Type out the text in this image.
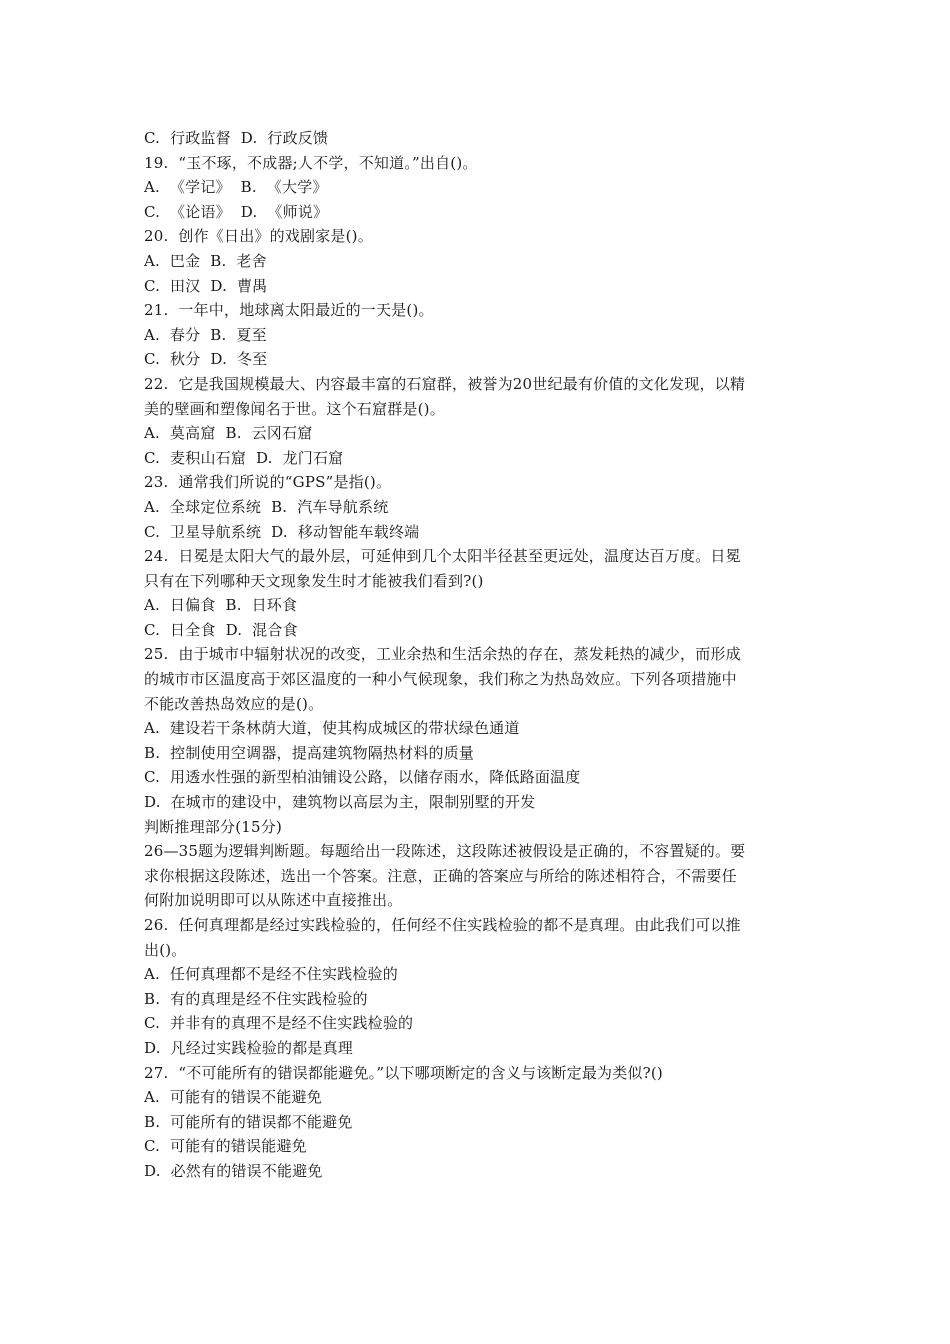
C.  行政监督  D.  行政反馈
19.  “玉不琢，不成器;人不学，不知道。”出自()。
A.  《学记》  B.  《大学》
C.  《论语》  D.  《师说》
20.  创作《日出》的戏剧家是()。
A.  巴金  B.  老舍
C.  田汉  D.  曹禺
21.  一年中，地球离太阳最近的一天是()。
A.  春分  B.  夏至
C.  秋分  D.  冬至
22.  它是我国规模最大、内容最丰富的石窟群，被誉为20世纪最有价值的文化发现，以精
美的壁画和塑像闻名于世。这个石窟群是()。
A.  莫高窟  B.  云冈石窟
C.  麦积山石窟  D.  龙门石窟
23.  通常我们所说的“GPS”是指()。
A.  全球定位系统  B.  汽车导航系统
C.  卫星导航系统  D.  移动智能车载终端
24.  日冕是太阳大气的最外层，可延伸到几个太阳半径甚至更远处，温度达百万度。日冕
只有在下列哪种天文现象发生时才能被我们看到?()
A.  日偏食  B.  日环食
C.  日全食  D.  混合食
25.  由于城市中辐射状况的改变，工业余热和生活余热的存在，蒸发耗热的减少，而形成
的城市市区温度高于郊区温度的一种小气候现象，我们称之为热岛效应。下列各项措施中
不能改善热岛效应的是()。
A.  建设若干条林荫大道，使其构成城区的带状绿色通道
B.  控制使用空调器，提高建筑物隔热材料的质量
C.  用透水性强的新型柏油铺设公路，以储存雨水，降低路面温度
D.  在城市的建设中，建筑物以高层为主，限制别墅的开发
判断推理部分(15分)
26—35题为逻辑判断题。每题给出一段陈述，这段陈述被假设是正确的，不容置疑的。要
求你根据这段陈述，选出一个答案。注意，正确的答案应与所给的陈述相符合，不需要任
何附加说明即可以从陈述中直接推出。
26.  任何真理都是经过实践检验的，任何经不住实践检验的都不是真理。由此我们可以推
出()。
A.  任何真理都不是经不住实践检验的
B.  有的真理是经不住实践检验的
C.  并非有的真理不是经不住实践检验的
D.  凡经过实践检验的都是真理
27.  “不可能所有的错误都能避免。”以下哪项断定的含义与该断定最为类似?()
A.  可能有的错误不能避免
B.  可能所有的错误都不能避免
C.  可能有的错误能避免
D.  必然有的错误不能避免
